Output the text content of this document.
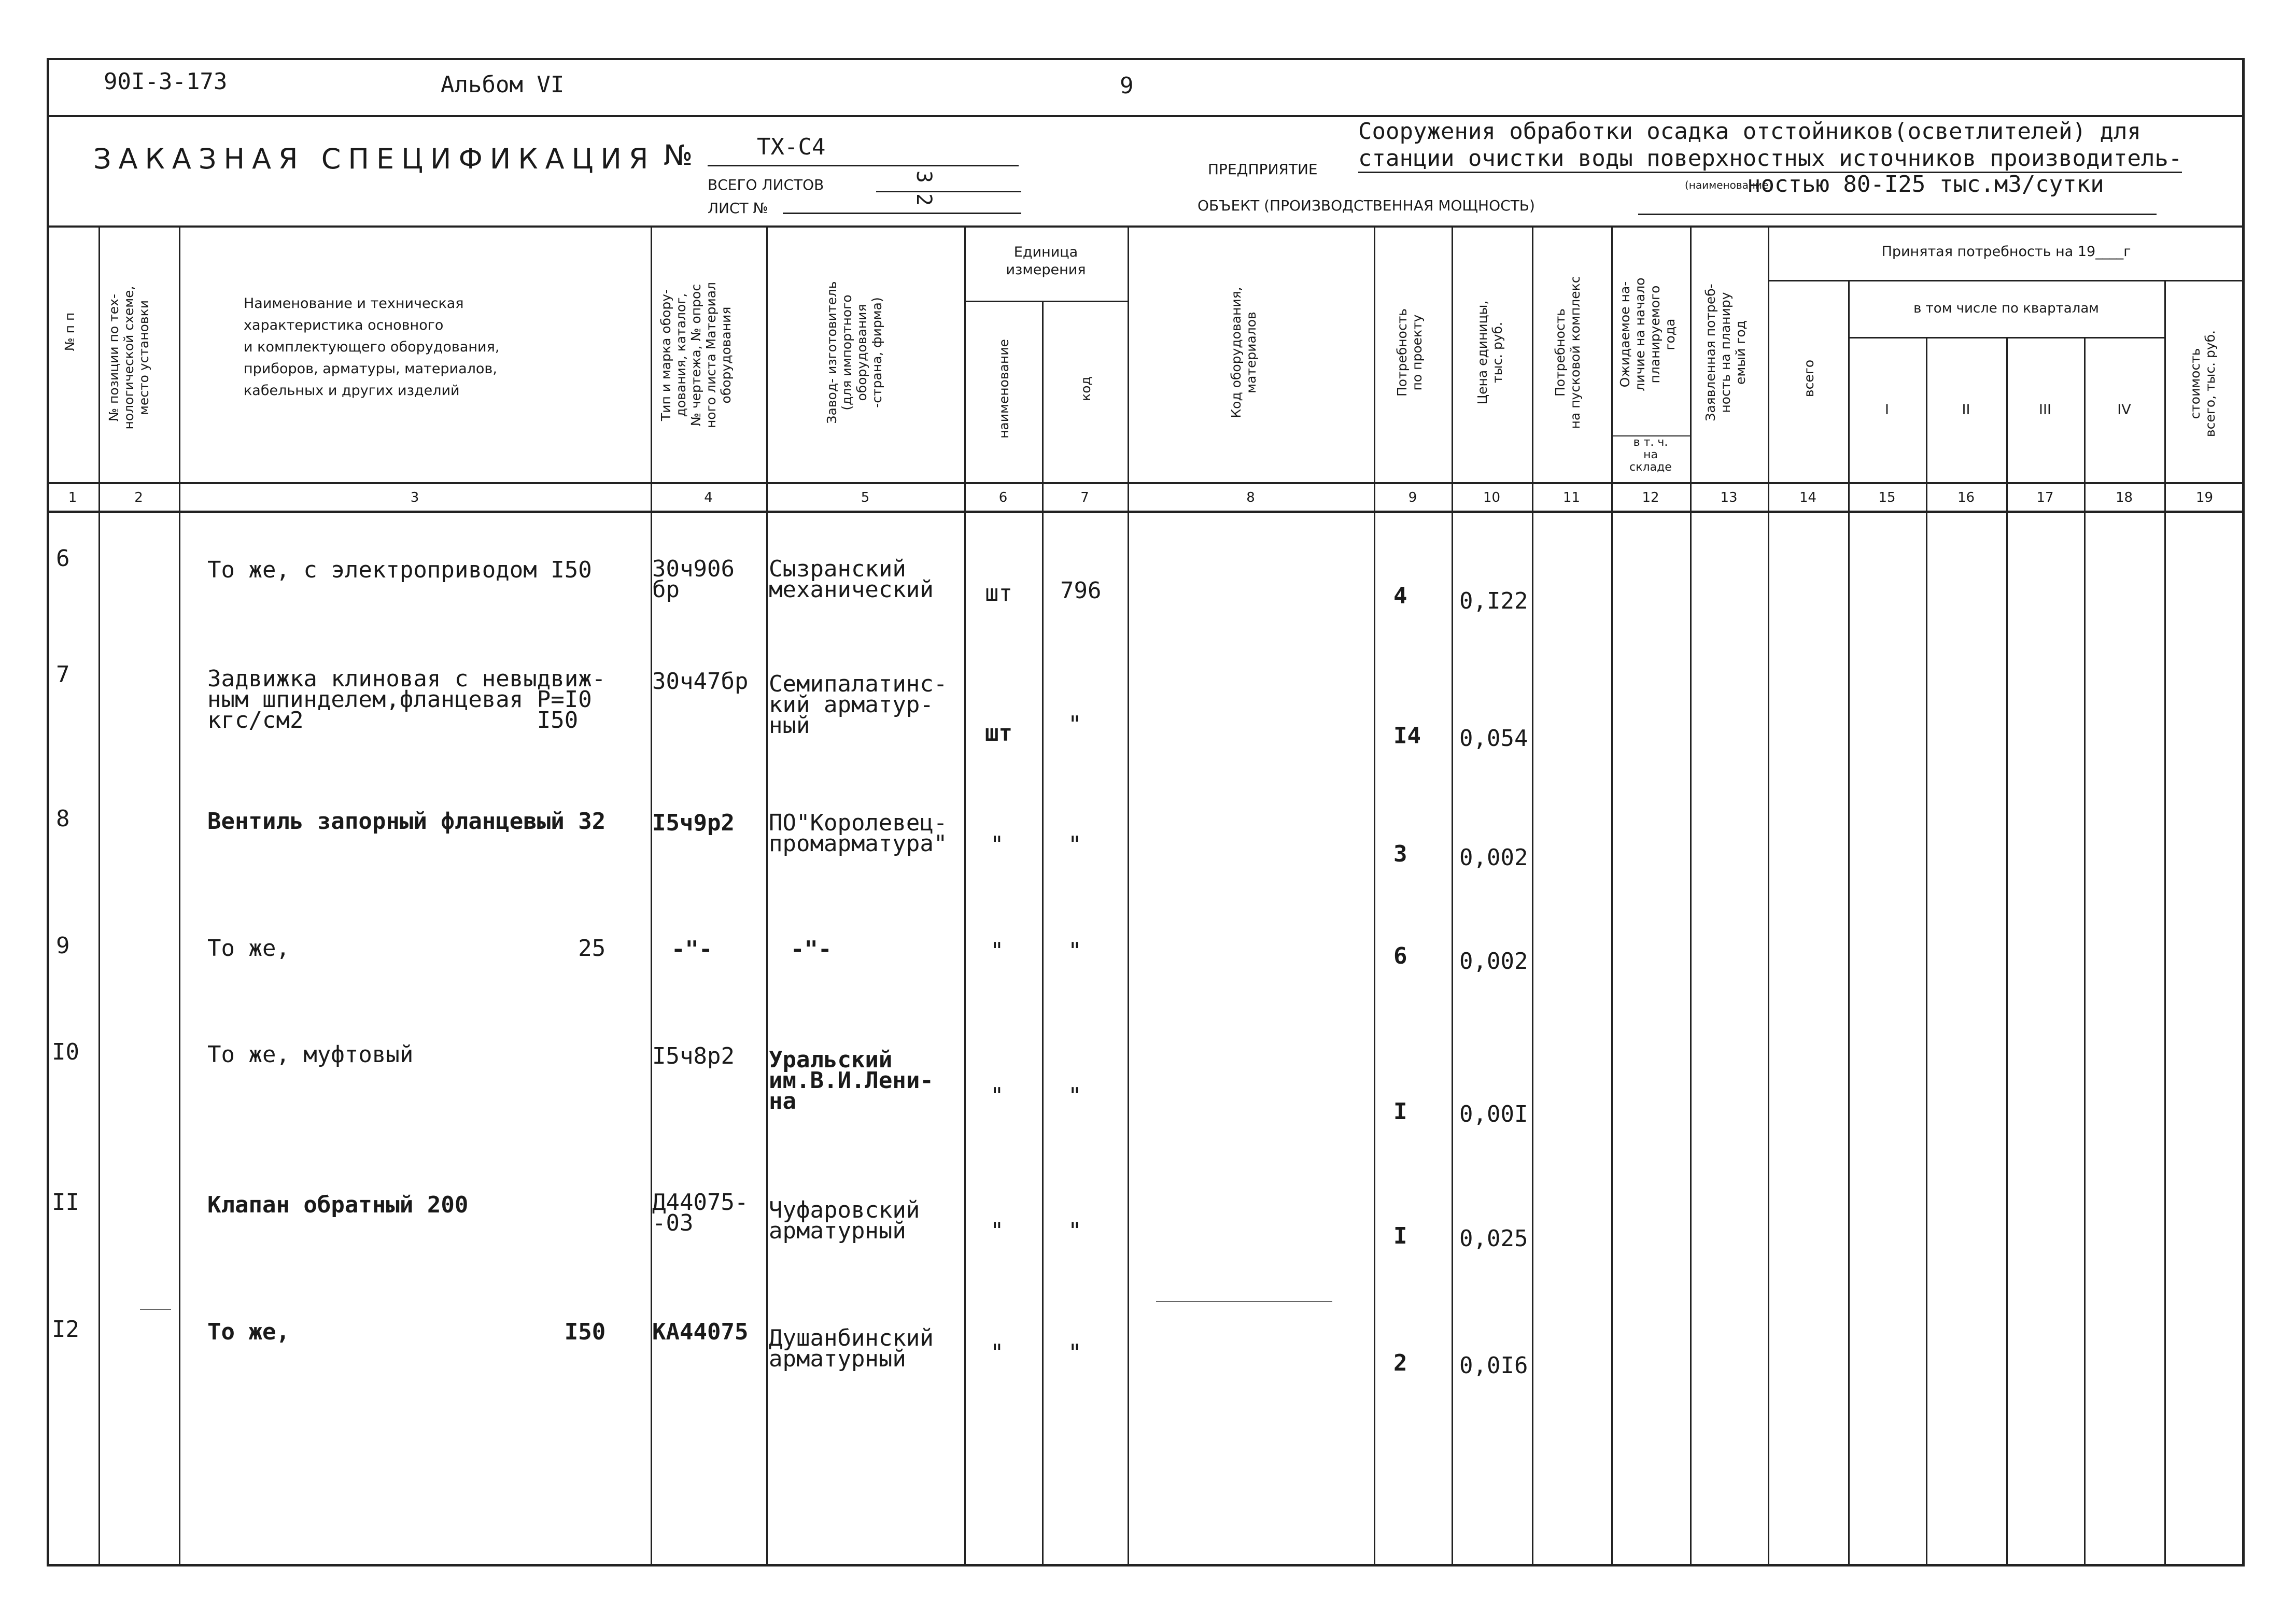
90I-3-173	Альбом VI	9
ЗАКАЗНАЯ СПЕЦИФИКАЦИЯ №	ТХ-С4
ВСЕГО ЛИСТОВ	3
ЛИСТ №	2
ПРЕДПРИЯТИЕ
Сооружения обработки осадка отстойников(осветлителей) для
станции очистки воды поверхностных источников производитель-
(наименование)
ностью 80-I25 тыс.м3/сутки
ОБЪЕКТ (ПРОИЗВОДСТВЕННАЯ МОЩНОСТЬ)
№ п п
№ позиции по тех-
нологической схеме,
место установки	Наименование и техническая
характеристика основного
и комплектующего оборудования,
приборов, арматуры, материалов,
кабельных и других изделий
Тип и марка обору-
дования, каталог,
№ чертежа, № опрос
ного листа Материал
оборудования	Завод- изготовитель
(для импортного
оборудования
-страна, фирма)
Единица
измерения
наименование	код
Код оборудования,
материалов	Потребность
по проекту
Цена единицы,
тыс. руб.	Потребность
на пусковой комплекс	Ожидаемое на-
личие на начало
планируемого
года
в т. ч.
на
складе
Заявленная потреб-
ность на планиру
емый год
Принятая потребность на 19____г
всего
в том числе по кварталам
I	II	III	IV	стоимость
всего, тыс. руб.
1	2	3	4	5	6	7	8	9	10	11	12	13	14	15	16	17	18	19
6	То же, с электроприводом I50	30ч906
бр
Сызранский
механический шт 796	4 0,I22
7	Задвижка клиновая с невыдвиж-
ным шпинделем,фланцевая Р=I0
кгс/см2                 I50
30ч47бр Семипалатинс-
кий арматур-
ный	шт "	I4 0,054
8	Вентиль запорный фланцевый 32 I5ч9р2 ПО"Королевец-
промарматура" "	"	3 0,002
9	То же,                     25	-"-	-"-	"	"	6 0,002
I0	То же, муфтовый	I5ч8р2 Уральский
им.В.И.Лени-
на	"	"
I 0,00I
II	Клапан обратный 200	Д44075-
-03	Чуфаровский
арматурный	"	"	I 0,025
I2	То же,                    I50 КА44075 Душанбинский
арматурный	"	"	2 0,0I6
